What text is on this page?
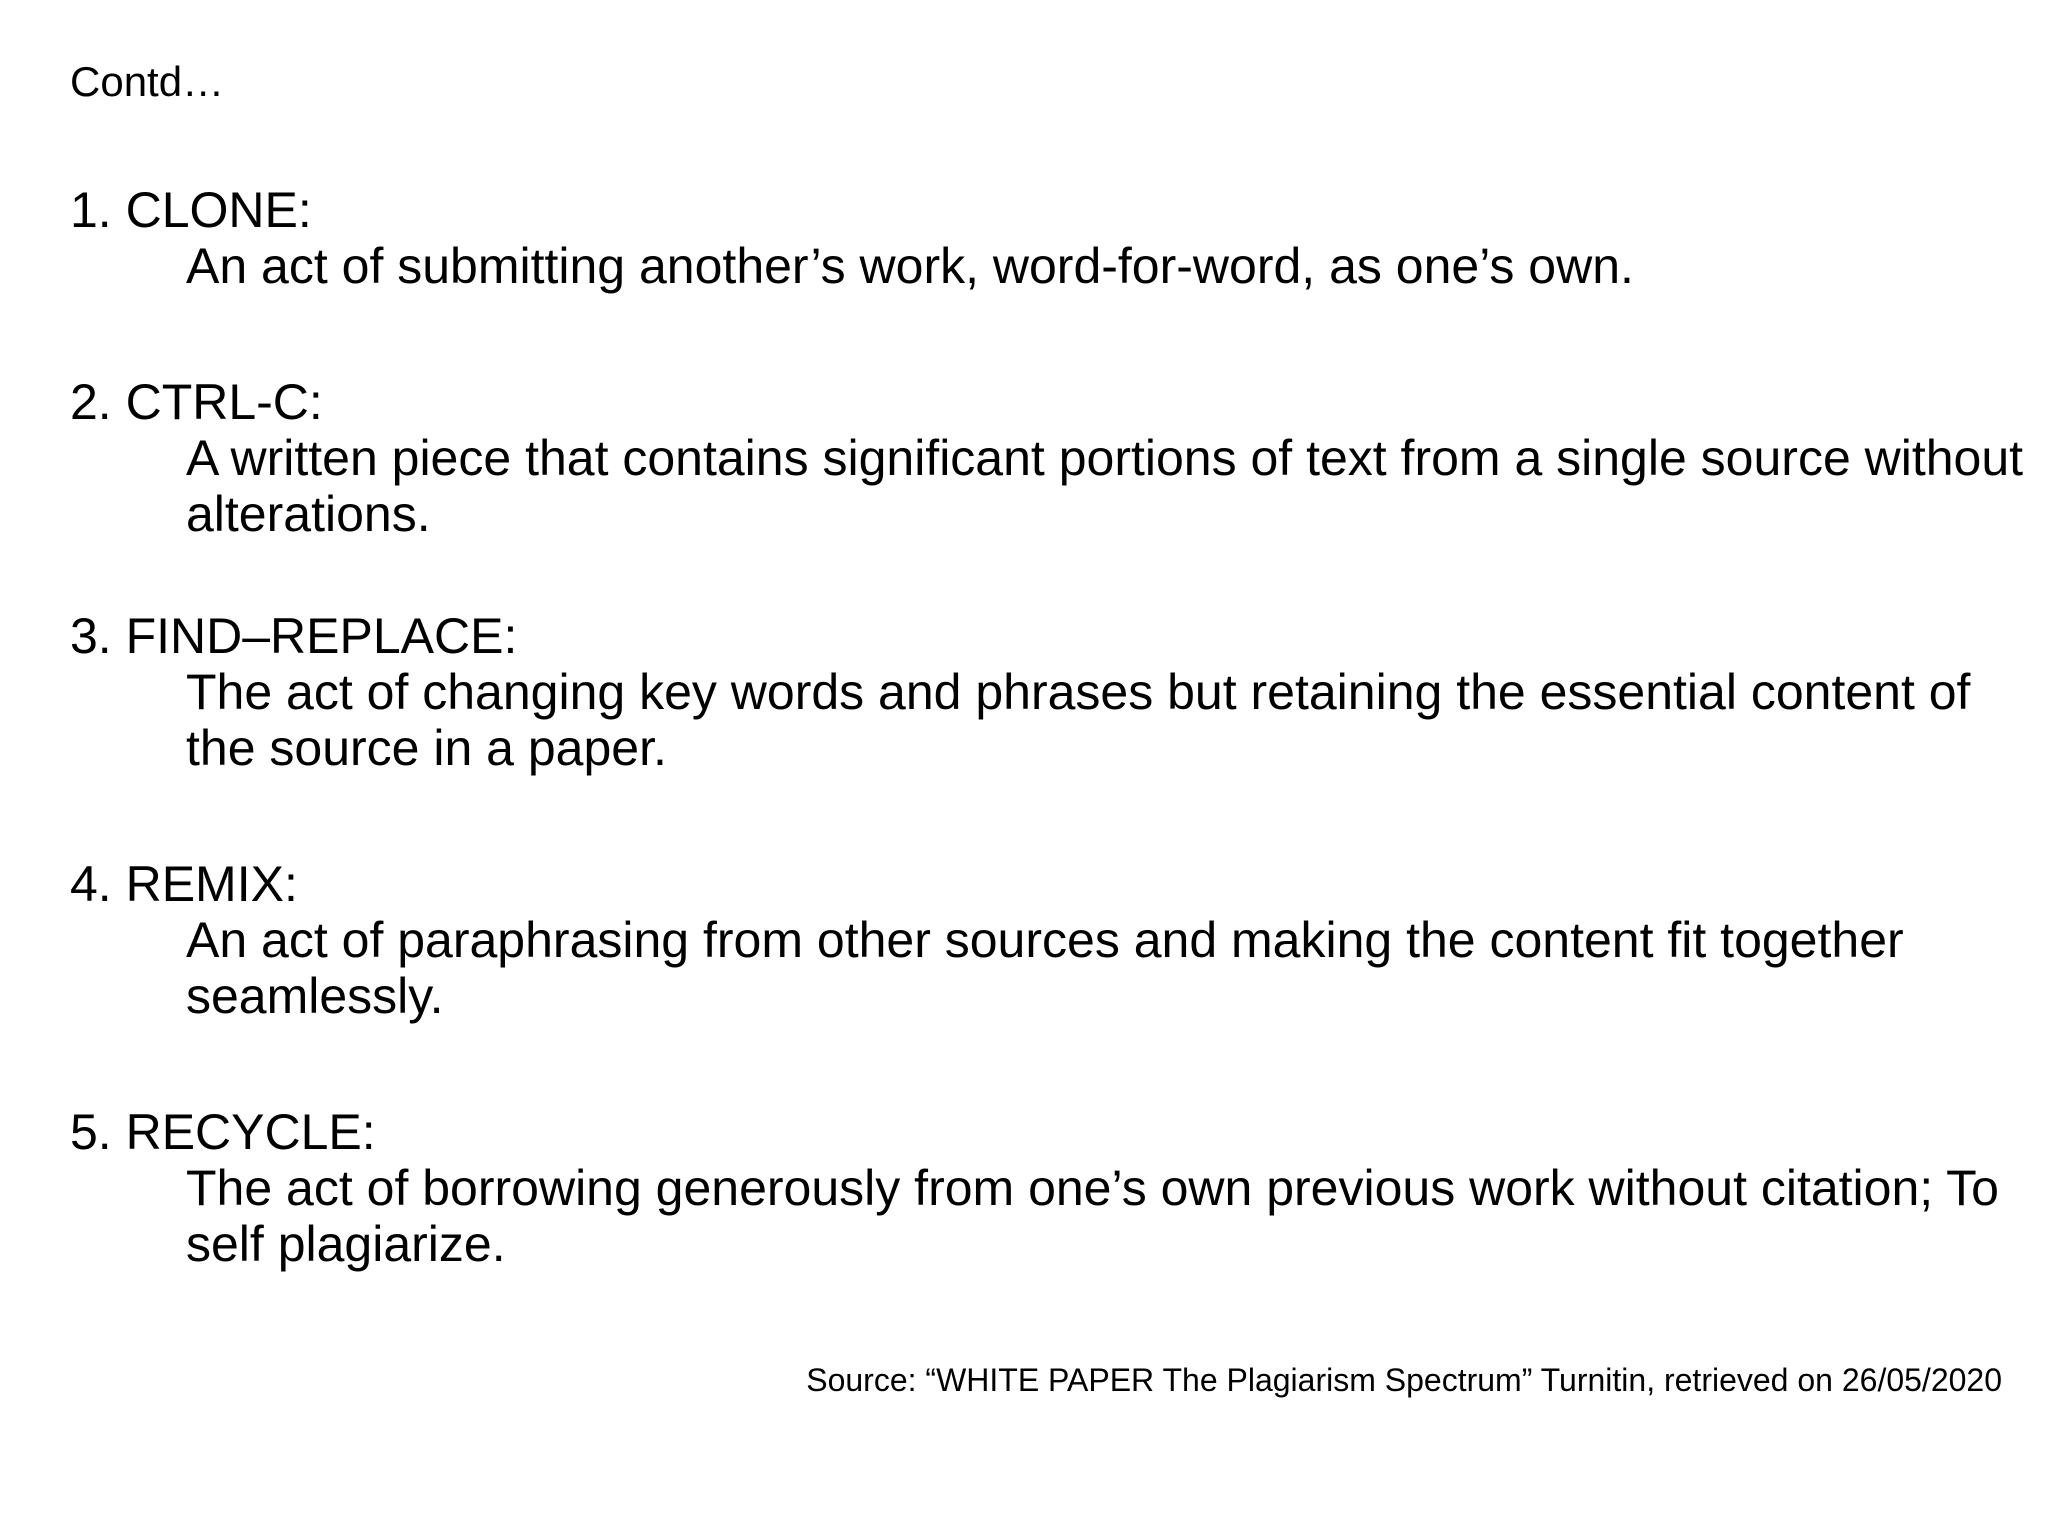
Contd…
1. CLONE:
An act of submitting another’s work, word-for-word, as one’s own.
2. CTRL-C:
A written piece that contains significant portions of text from a single source without alterations.
3. FIND–REPLACE:
The act of changing key words and phrases but retaining the essential content of the source in a paper.
4. REMIX:
An act of paraphrasing from other sources and making the content fit together seamlessly.
5. RECYCLE:
The act of borrowing generously from one’s own previous work without citation; To self plagiarize.
Source: “WHITE PAPER The Plagiarism Spectrum” Turnitin, retrieved on 26/05/2020
